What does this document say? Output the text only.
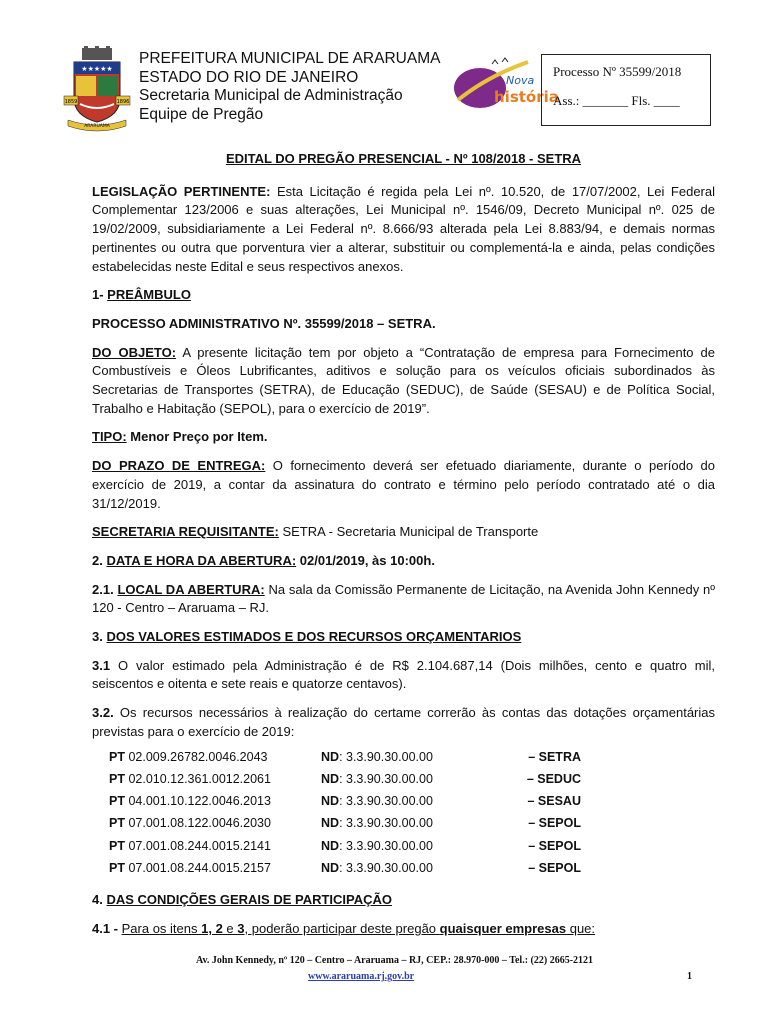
★★★★★
1859	1896
ARARUAMA
PREFEITURA MUNICIPAL DE ARARUAMA
ESTADO DO RIO DE JANEIRO
Secretaria Municipal de Administração
Equipe de Pregão
Nova
história
Processo Nº 35599/2018
Ass.: _______ Fls. ____
EDITAL DO PREGÃO PRESENCIAL - Nº 108/2018 - SETRA

LEGISLAÇÃO PERTINENTE: Esta Licitação é regida pela Lei nº. 10.520, de 17/07/2002, Lei Federal Complementar 123/2006 e suas alterações, Lei Municipal nº. 1546/09, Decreto Municipal nº. 025 de 19/02/2009, subsidiariamente a Lei Federal nº. 8.666/93 alterada pela Lei 8.883/94, e demais normas pertinentes ou outra que porventura vier a alterar, substituir ou complementá-la e ainda, pelas condições estabelecidas neste Edital e seus respectivos anexos.

1- PREÂMBULO
PROCESSO ADMINISTRATIVO Nº. 35599/2018 – SETRA.

DO OBJETO: A presente licitação tem por objeto a “Contratação de empresa para Fornecimento de Combustíveis e Óleos Lubrificantes, aditivos e solução para os veículos oficiais subordinados às Secretarias de Transportes (SETRA), de Educação (SEDUC), de Saúde (SESAU) e de Política Social, Trabalho e Habitação (SEPOL), para o exercício de 2019”.

TIPO: Menor Preço por Item.

DO PRAZO DE ENTREGA: O fornecimento deverá ser efetuado diariamente, durante o período do exercício de 2019, a contar da assinatura do contrato e término pelo período contratado até o dia 31/12/2019.

SECRETARIA REQUISITANTE: SETRA - Secretaria Municipal de Transporte

2. DATA E HORA DA ABERTURA: 02/01/2019, às 10:00h.

2.1. LOCAL DA ABERTURA: Na sala da Comissão Permanente de Licitação, na Avenida John Kennedy nº 120 - Centro – Araruama – RJ.

3. DOS VALORES ESTIMADOS E DOS RECURSOS ORÇAMENTARIOS

3.1 O valor estimado pela Administração é de R$ 2.104.687,14 (Dois milhões, cento e quatro mil, seiscentos e oitenta e sete reais e quatorze centavos).

3.2. Os recursos necessários à realização do certame correrão às contas das dotações orçamentárias previstas para o exercício de 2019:

PT 02.009.26782.0046.2043	ND: 3.3.90.30.00.00	– SETRA
PT 02.010.12.361.0012.2061	ND: 3.3.90.30.00.00	– SEDUC
PT 04.001.10.122.0046.2013	ND: 3.3.90.30.00.00	– SESAU
PT 07.001.08.122.0046.2030	ND: 3.3.90.30.00.00	– SEPOL
PT 07.001.08.244.0015.2141	ND: 3.3.90.30.00.00	– SEPOL
PT 07.001.08.244.0015.2157	ND: 3.3.90.30.00.00	– SEPOL
4. DAS CONDIÇÕES GERAIS DE PARTICIPAÇÃO

4.1 - Para os itens 1, 2 e 3, poderão participar deste pregão quaisquer empresas que:

Av. John Kennedy, nº 120 – Centro – Araruama – RJ, CEP.: 28.970-000 – Tel.: (22) 2665-2121
www.araruama.rj.gov.br	1
